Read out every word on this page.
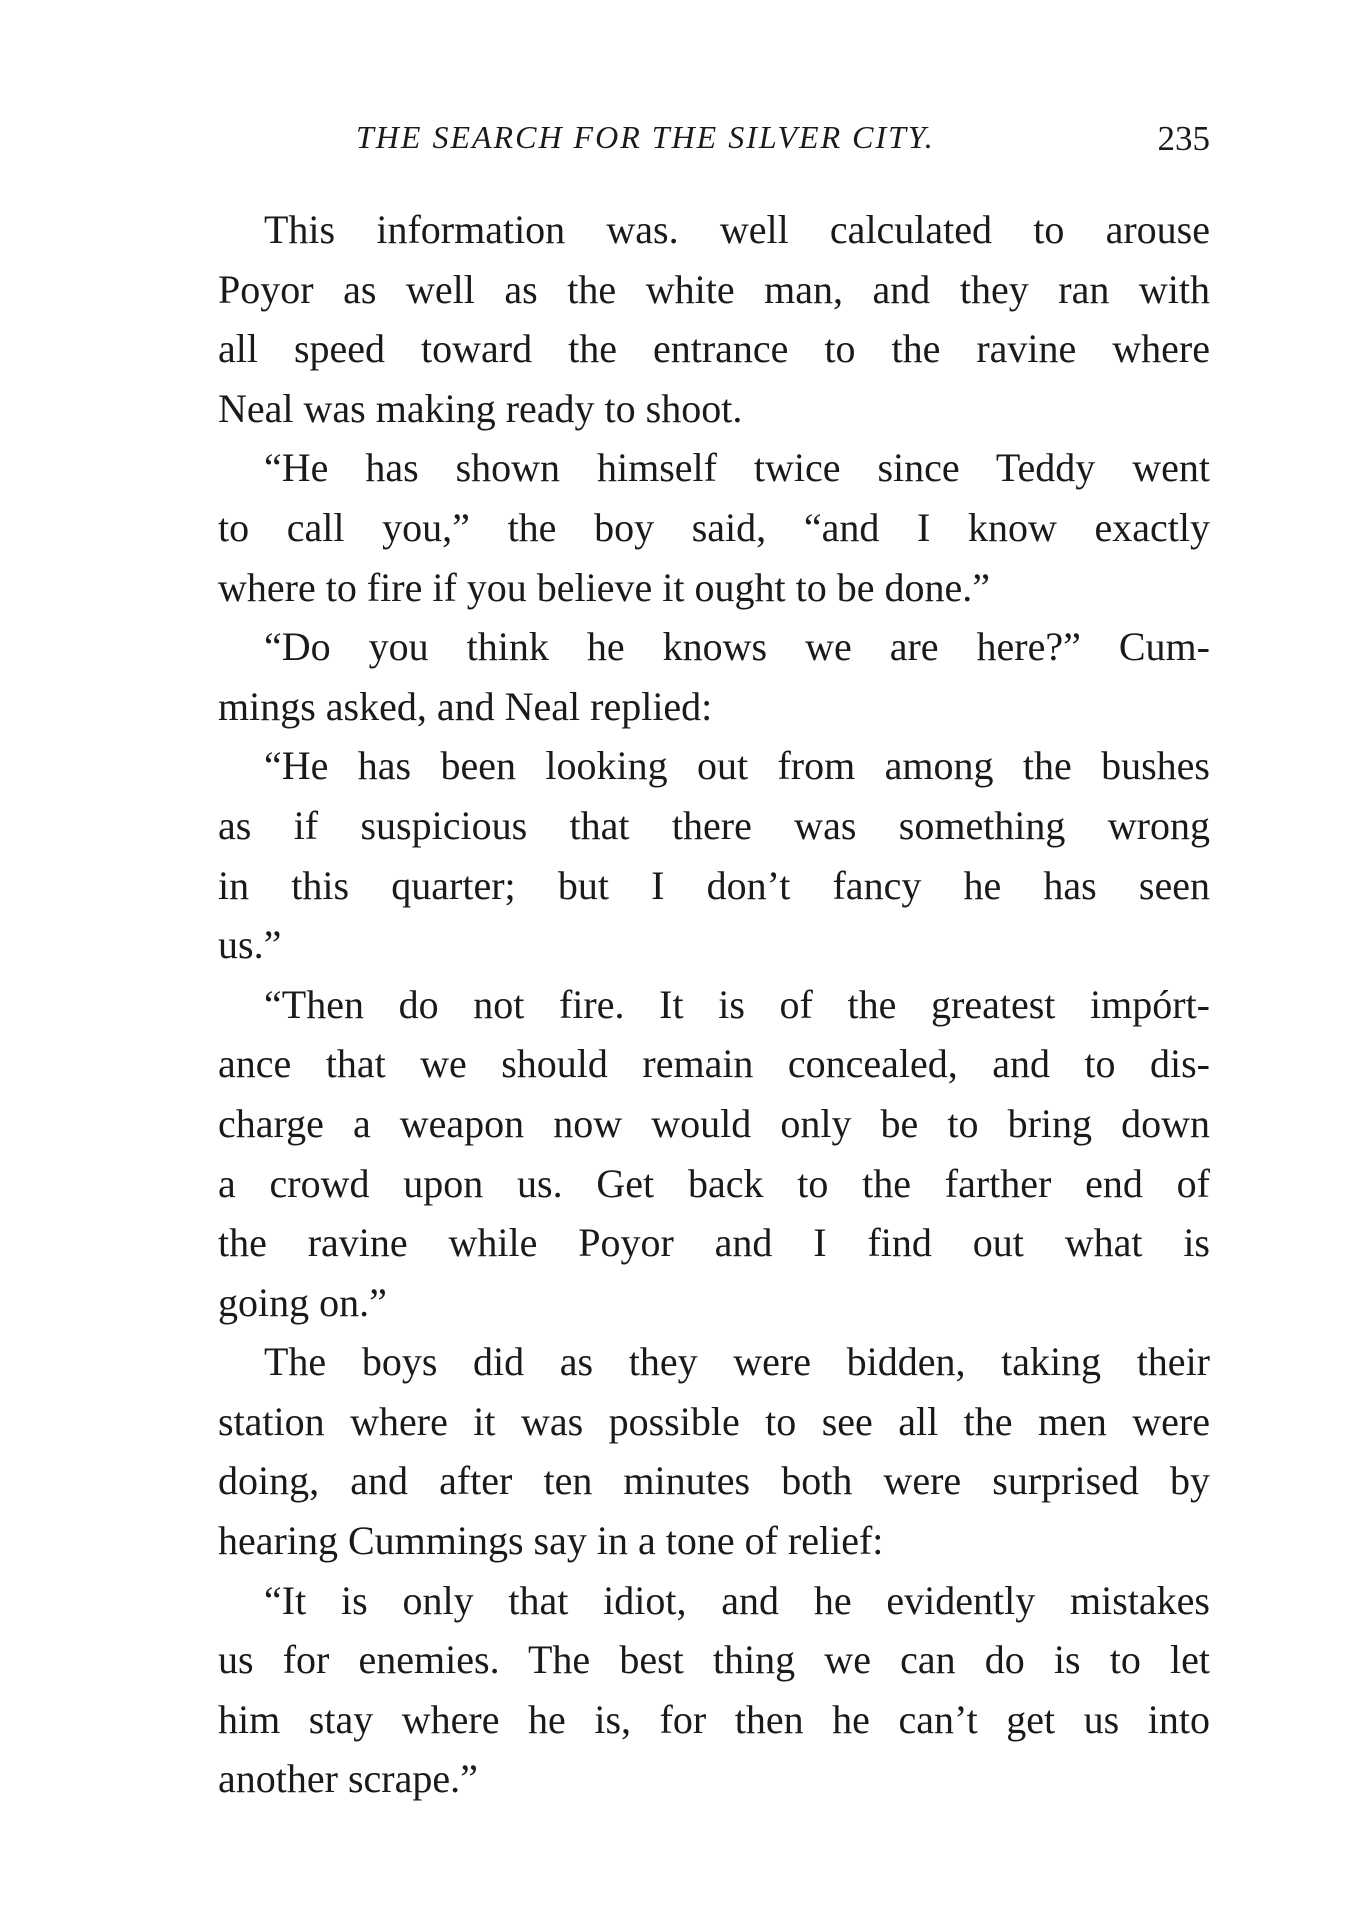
THE SEARCH FOR THE SILVER CITY.	235

This information was. well calculated to arouse
Poyor as well as the white man, and they ran with
all speed toward the entrance to the ravine where
Neal was making ready to shoot.

“He has shown himself twice since Teddy went
to call you,” the boy said, “and I know exactly
where to fire if you believe it ought to be done.”

“Do you think he knows we are here?” Cum-
mings asked, and Neal replied:

“He has been looking out from among the bushes
as if suspicious that there was something wrong
in this quarter; but I don’t fancy he has seen
us.”

“Then do not fire. It is of the greatest impórt-
ance that we should remain concealed, and to dis-
charge a weapon now would only be to bring down
a crowd upon us. Get back to the farther end of
the ravine while Poyor and I find out what is
going on.”

The boys did as they were bidden, taking their
station where it was possible to see all the men were
doing, and after ten minutes both were surprised by
hearing Cummings say in a tone of relief:

“It is only that idiot, and he evidently mistakes
us for enemies. The best thing we can do is to let
him stay where he is, for then he can’t get us into
another scrape.”
